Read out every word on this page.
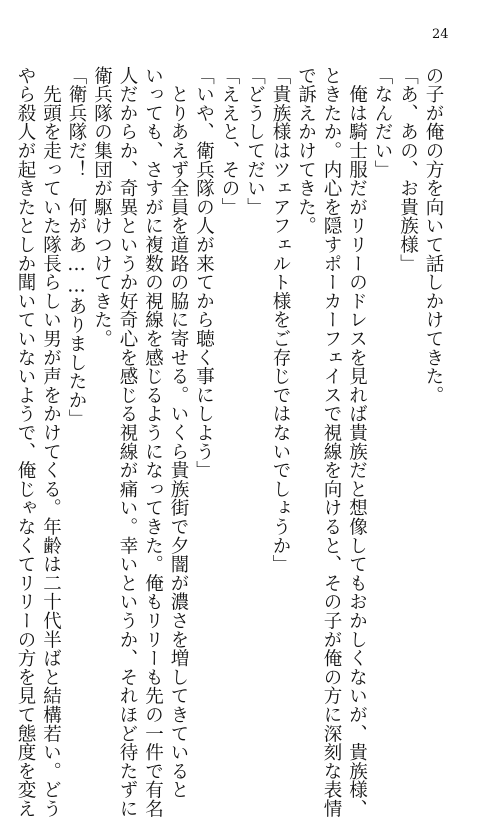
24
の子が俺の方を向いて話しかけてきた。
「あ、あの、お貴族様」
「なんだい」
　俺は騎士服だがリリーのドレスを見れば貴族だと想像してもおかしくないが、貴族様、
ときたか。内心を隠すポーカーフェイスで視線を向けると、その子が俺の方に深刻な表情
で訴えかけてきた。
「貴族様はツェアフェルト様をご存じではないでしょうか」
「どうしてだい」
「ええと、その」
「いや、衛兵隊の人が来てから聴く事にしよう」
　とりあえず全員を道路の脇に寄せる。いくら貴族街で夕闇が濃さを増してきていると
いっても、さすがに複数の視線を感じるようになってきた。俺もリリーも先の一件で有名
人だからか、奇異というか好奇心を感じる視線が痛い。幸いというか、それほど待たずに
衛兵隊の集団が駆けつけてきた。
「衛兵隊だ！　何があ……ありましたか」
　先頭を走っていた隊長らしい男が声をかけてくる。年齢は二十代半ばと結構若い。どう
やら殺人が起きたとしか聞いていないようで、俺じゃなくてリリーの方を見て態度を変え
